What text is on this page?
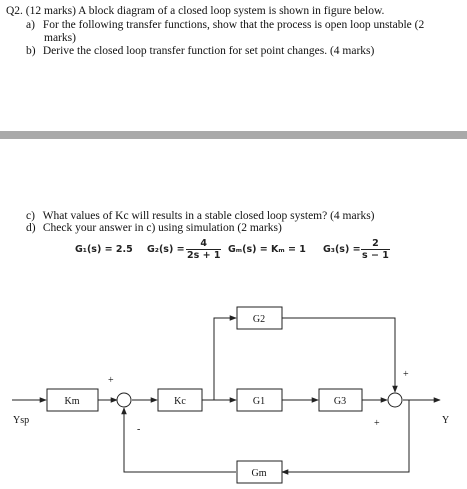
Q2. (12 marks) A block diagram of a closed loop system is shown in figure below.
a) For the following transfer functions, show that the process is open loop unstable (2
marks)
b) Derive the closed loop transfer function for set point changes. (4 marks)
c) What values of Kc will results in a stable closed loop system? (4 marks)
d) Check your answer in c) using simulation (2 marks)
G₁(s) = 2.5 $G_2(s) = \frac{4}{2s + 1} G_m(s) = K_m = 1$ $G_3(s) = \frac{2}{s - 1}$
Km	Kc	G1	G3
G2
Gm
Ysp	Y
+
-
+
+
